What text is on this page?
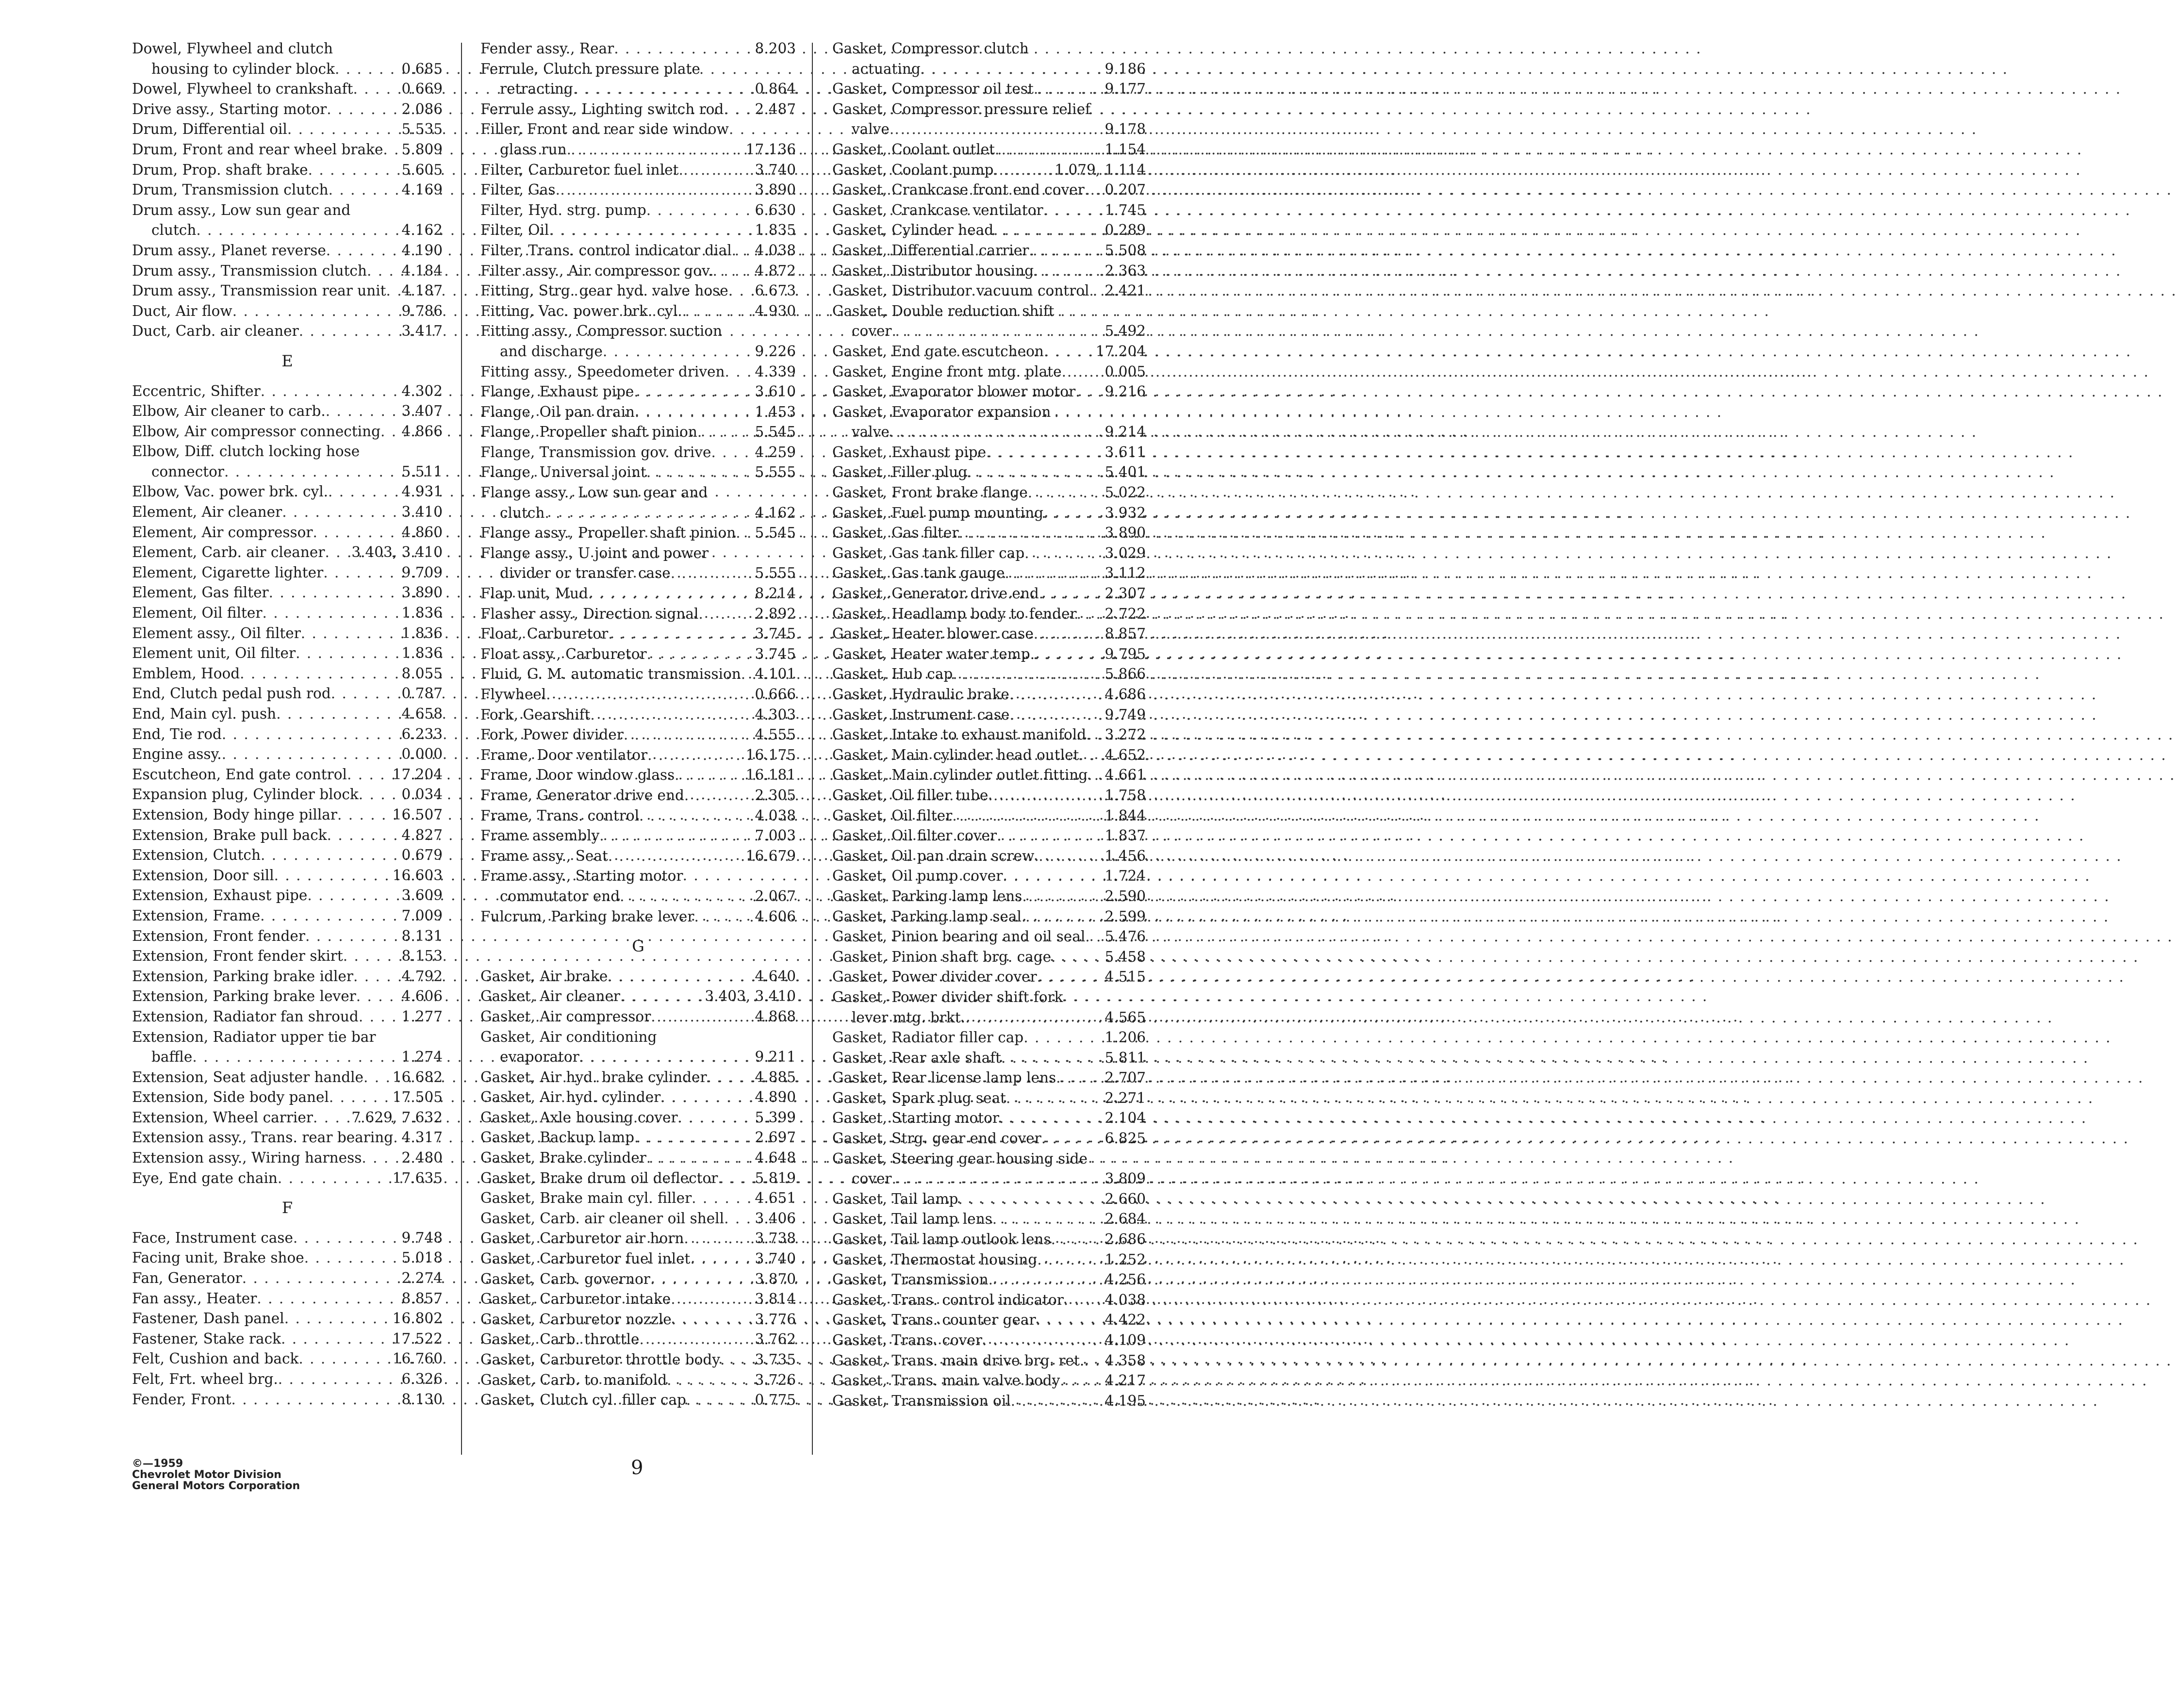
Dowel, Flywheel and clutch
housing to cylinder block . . .	0.685
Dowel, Flywheel to crankshaft . . .	0.669
Drive assy., Starting motor . . .	2.086
Drum, Differential oil . . .	5.535
Drum, Front and rear wheel brake . . . 5.809
Drum, Prop. shaft brake . . .	5.605
Drum, Transmission clutch . . .	4.169
Drum assy., Low sun gear and
clutch . . .	4.162
Drum assy., Planet reverse . . .	4.190
Drum assy., Transmission clutch . . . 4.184
Drum assy., Transmission rear unit . . . 4.187
Duct, Air flow . . .	9.786
Duct, Carb. air cleaner . . .	3.417
E
Eccentric, Shifter . . .	4.302
Elbow, Air cleaner to carb. . . .	3.407
Elbow, Air compressor connecting . . . 4.866
Elbow, Diff. clutch locking hose
connector . . .	5.511
Elbow, Vac. power brk. cyl. . . .	4.931
Element, Air cleaner . . .	3.410
Element, Air compressor . . .	4.860
Element, Carb. air cleaner . . . 3.403, 3.410
Element, Cigarette lighter . . .	9.709
Element, Gas filter . . .	3.890
Element, Oil filter . . .	1.836
Element assy., Oil filter . . .	1.836
Element unit, Oil filter . . .	1.836
Emblem, Hood . . .	8.055
End, Clutch pedal push rod . . .	0.787
End, Main cyl. push . . .	4.658
End, Tie rod . . .	6.233
Engine assy. . . .	0.000
Escutcheon, End gate control . . .	17.204
Expansion plug, Cylinder block . . .	0.034
Extension, Body hinge pillar . . .	16.507
Extension, Brake pull back . . .	4.827
Extension, Clutch . . .	0.679
Extension, Door sill . . .	16.603
Extension, Exhaust pipe . . .	3.609
Extension, Frame . . .	7.009
Extension, Front fender . . .	8.131
Extension, Front fender skirt . . .	8.153
Extension, Parking brake idler . . .	4.792
Extension, Parking brake lever . . .	4.606
Extension, Radiator fan shroud . . .	1.277
Extension, Radiator upper tie bar
baffle . . .	1.274
Extension, Seat adjuster handle . . . 16.682
Extension, Side body panel . . .	17.505
Extension, Wheel carrier . . .	7.629, 7.632
Extension assy., Trans. rear bearing . . . 4.317
Extension assy., Wiring harness . . .	2.480
Eye, End gate chain . . .	17.635
F
Face, Instrument case . . .	9.748
Facing unit, Brake shoe . . .	5.018
Fan, Generator . . .	2.274
Fan assy., Heater . . .	8.857
Fastener, Dash panel . . .	16.802
Fastener, Stake rack . . .	17.522
Felt, Cushion and back . . .	16.760
Felt, Frt. wheel brg. . . .	6.326
Fender, Front . . .	8.130
Fender assy., Rear . . .	8.203
Ferrule, Clutch pressure plate
retracting . . .	0.864
Ferrule assy., Lighting switch rod . . . 2.487
Filler, Front and rear side window
glass run . . .	17.136
Filter, Carburetor fuel inlet . . .	3.740
Filter, Gas . . .	3.890
Filter, Hyd. strg. pump . . .	6.630
Filter, Oil . . .	1.835
Filter, Trans. control indicator dial . . . 4.038
Filter assy., Air compressor gov. . . .	4.872
Fitting, Strg. gear hyd. valve hose . . . 6.673
Fitting, Vac. power brk. cyl. . . .	4.930
Fitting assy., Compressor suction
and discharge . . .	9.226
Fitting assy., Speedometer driven . . . 4.339
Flange, Exhaust pipe . . .	3.610
Flange, Oil pan drain . . .	1.453
Flange, Propeller shaft pinion . . .	5.545
Flange, Transmission gov. drive . . .	4.259
Flange, Universal joint . . .	5.555
Flange assy., Low sun gear and
clutch . . .	4.162
Flange assy., Propeller shaft pinion . . . 5.545
Flange assy., U joint and power
divider or transfer case . . .	5.555
Flap unit, Mud . . .	8.214
Flasher assy., Direction signal . . .	2.892
Float, Carburetor . . .	3.745
Float assy., Carburetor . . .	3.745
Fluid, G. M. automatic transmission . . . 4.101
Flywheel . . .	0.666
Fork, Gearshift . . .	4.303
Fork, Power divider . . .	4.555
Frame, Door ventilator . . .	16.175
Frame, Door window glass . . .	16.181
Frame, Generator drive end . . .	2.305
Frame, Trans. control . . .	4.038
Frame assembly . . .	7.003
Frame assy., Seat . . .	16.679
Frame assy., Starting motor
commutator end . . .	2.067
Fulcrum, Parking brake lever . . .	4.606
G
Gasket, Air brake . . .	4.640
Gasket, Air cleaner . . .	3.403, 3.410
Gasket, Air compressor . . .	4.868
Gasket, Air conditioning
evaporator . . .	9.211
Gasket, Air hyd. brake cylinder . . .	4.885
Gasket, Air hyd. cylinder . . .	4.890
Gasket, Axle housing cover . . .	5.399
Gasket, Backup lamp . . .	2.697
Gasket, Brake cylinder . . .	4.648
Gasket, Brake drum oil deflector . . .	5.819
Gasket, Brake main cyl. filler . . .	4.651
Gasket, Carb. air cleaner oil shell . . . 3.406
Gasket, Carburetor air horn . . .	3.738
Gasket, Carburetor fuel inlet . . .	3.740
Gasket, Carb. governor . . .	3.870
Gasket, Carburetor intake . . .	3.814
Gasket, Carburetor nozzle . . .	3.776
Gasket, Carb. throttle . . .	3.762
Gasket, Carburetor throttle body . . . 3.735
Gasket, Carb. to manifold . . .	3.726
Gasket, Clutch cyl. filler cap . . .	0.775
Gasket, Compressor clutch
actuating . . .	9.186
Gasket, Compressor oil test . . .	9.177
Gasket, Compressor pressure relief
valve . . .	9.178
Gasket, Coolant outlet . . .	1.154
Gasket, Coolant pump . . .	1.079, 1.114
Gasket, Crankcase front end cover . . . 0.207
Gasket, Crankcase ventilator . . .	1.745
Gasket, Cylinder head . . .	0.289
Gasket, Differential carrier . . .	5.508
Gasket, Distributor housing . . .	2.363
Gasket, Distributor vacuum control . . . 2.421
Gasket, Double reduction shift
cover . . .	5.492
Gasket, End gate escutcheon . . .	17.204
Gasket, Engine front mtg. plate . . .	0.005
Gasket, Evaporator blower motor . . . 9.216
Gasket, Evaporator expansion
valve . . .	9.214
Gasket, Exhaust pipe . . .	3.611
Gasket, Filler plug . . .	5.401
Gasket, Front brake flange . . .	5.022
Gasket, Fuel pump mounting . . .	3.932
Gasket, Gas filter . . .	3.890
Gasket, Gas tank filler cap . . .	3.029
Gasket, Gas tank gauge . . .	3.112
Gasket, Generator drive end . . .	2.307
Gasket, Headlamp body to fender . . . 2.722
Gasket, Heater blower case . . .	8.857
Gasket, Heater water temp. . . .	9.795
Gasket, Hub cap . . .	5.866
Gasket, Hydraulic brake . . .	4.686
Gasket, Instrument case . . .	9.749
Gasket, Intake to exhaust manifold . . . 3.272
Gasket, Main cylinder head outlet . . . 4.652
Gasket, Main cylinder outlet fitting . . . 4.661
Gasket, Oil filler tube . . .	1.758
Gasket, Oil filter . . .	1.844
Gasket, Oil filter cover . . .	1.837
Gasket, Oil pan drain screw . . .	1.456
Gasket, Oil pump cover . . .	1.724
Gasket, Parking lamp lens . . .	2.590
Gasket, Parking lamp seal . . .	2.599
Gasket, Pinion bearing and oil seal . . . 5.476
Gasket, Pinion shaft brg. cage . . .	5.458
Gasket, Power divider cover . . .	4.515
Gasket, Power divider shift fork
lever mtg. brkt. . . .	4.565
Gasket, Radiator filler cap . . .	1.206
Gasket, Rear axle shaft . . .	5.811
Gasket, Rear license lamp lens . . .	2.707
Gasket, Spark plug seat . . .	2.271
Gasket, Starting motor . . .	2.104
Gasket, Strg. gear end cover . . .	6.825
Gasket, Steering gear housing side
cover . . .	3.809
Gasket, Tail lamp . . .	2.660
Gasket, Tail lamp lens . . .	2.684
Gasket, Tail lamp outlook lens . . .	2.686
Gasket, Thermostat housing . . .	1.252
Gasket, Transmission . . .	4.256
Gasket, Trans. control indicator . . .	4.038
Gasket, Trans. counter gear . . .	4.422
Gasket, Trans. cover . . .	4.109
Gasket, Trans. main drive brg. ret. . . . 4.358
Gasket, Trans. main valve body . . .	4.217
Gasket, Transmission oil . . .	4.195
©—1959
Chevrolet Motor Division
General Motors Corporation
9
